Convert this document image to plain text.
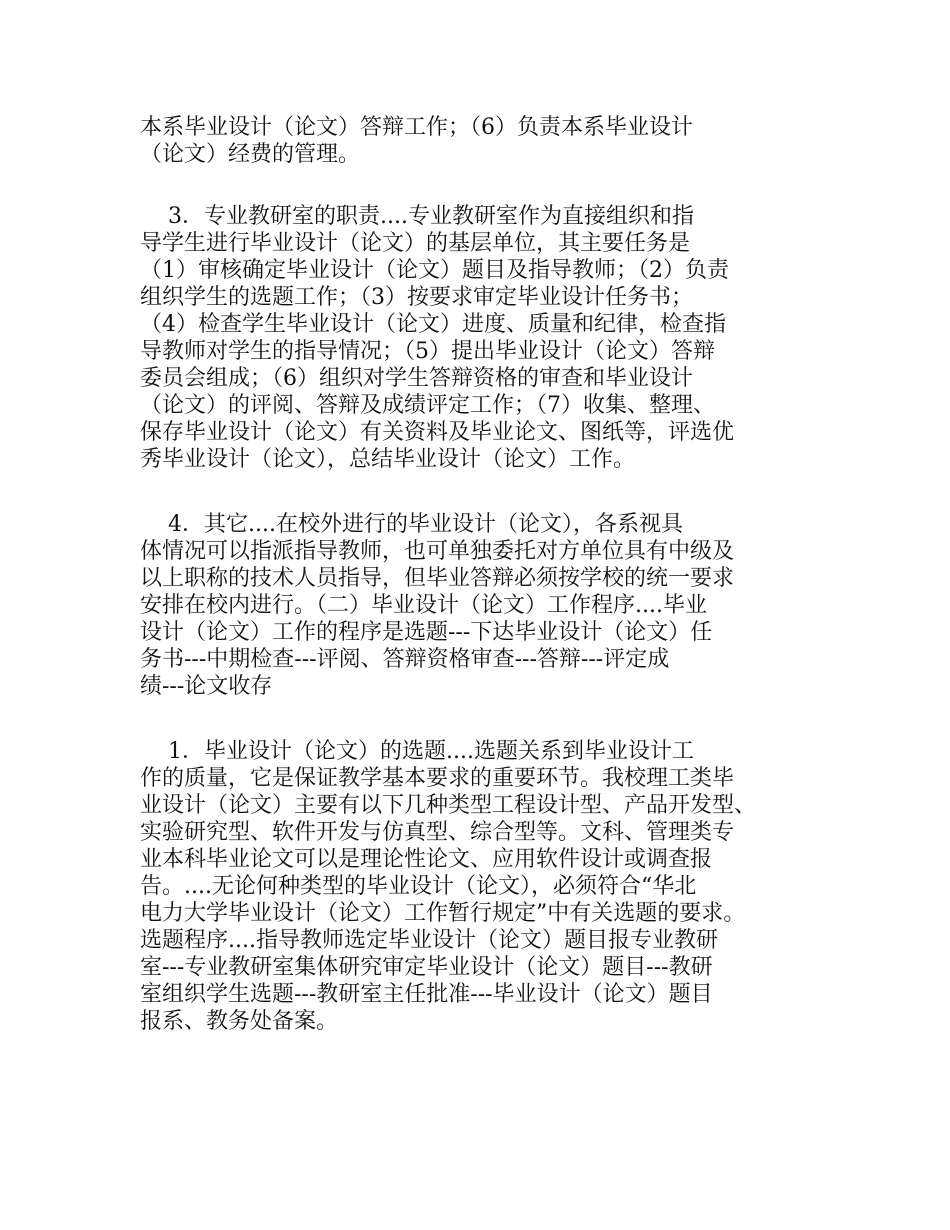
本系毕业设计（论文）答辩工作；（6）负责本系毕业设计
（论文）经费的管理。
3．专业教研室的职责....专业教研室作为直接组织和指
导学生进行毕业设计（论文）的基层单位，其主要任务是
（1）审核确定毕业设计（论文）题目及指导教师；（2）负责
组织学生的选题工作；（3）按要求审定毕业设计任务书；
（4）检查学生毕业设计（论文）进度、质量和纪律，检查指
导教师对学生的指导情况；（5）提出毕业设计（论文）答辩
委员会组成；（6）组织对学生答辩资格的审查和毕业设计
（论文）的评阅、答辩及成绩评定工作；（7）收集、整理、
保存毕业设计（论文）有关资料及毕业论文、图纸等，评选优
秀毕业设计（论文），总结毕业设计（论文）工作。
4．其它....在校外进行的毕业设计（论文），各系视具
体情况可以指派指导教师，也可单独委托对方单位具有中级及
以上职称的技术人员指导，但毕业答辩必须按学校的统一要求
安排在校内进行。（二）毕业设计（论文）工作程序....毕业
设计（论文）工作的程序是选题---下达毕业设计（论文）任
务书---中期检查---评阅、答辩资格审查---答辩---评定成
绩---论文收存
1．毕业设计（论文）的选题....选题关系到毕业设计工
作的质量，它是保证教学基本要求的重要环节。我校理工类毕
业设计（论文）主要有以下几种类型工程设计型、产品开发型、
实验研究型、软件开发与仿真型、综合型等。文科、管理类专
业本科毕业论文可以是理论性论文、应用软件设计或调查报
告。....无论何种类型的毕业设计（论文），必须符合“华北
电力大学毕业设计（论文）工作暂行规定”中有关选题的要求。
选题程序....指导教师选定毕业设计（论文）题目报专业教研
室---专业教研室集体研究审定毕业设计（论文）题目---教研
室组织学生选题---教研室主任批准---毕业设计（论文）题目
报系、教务处备案。
